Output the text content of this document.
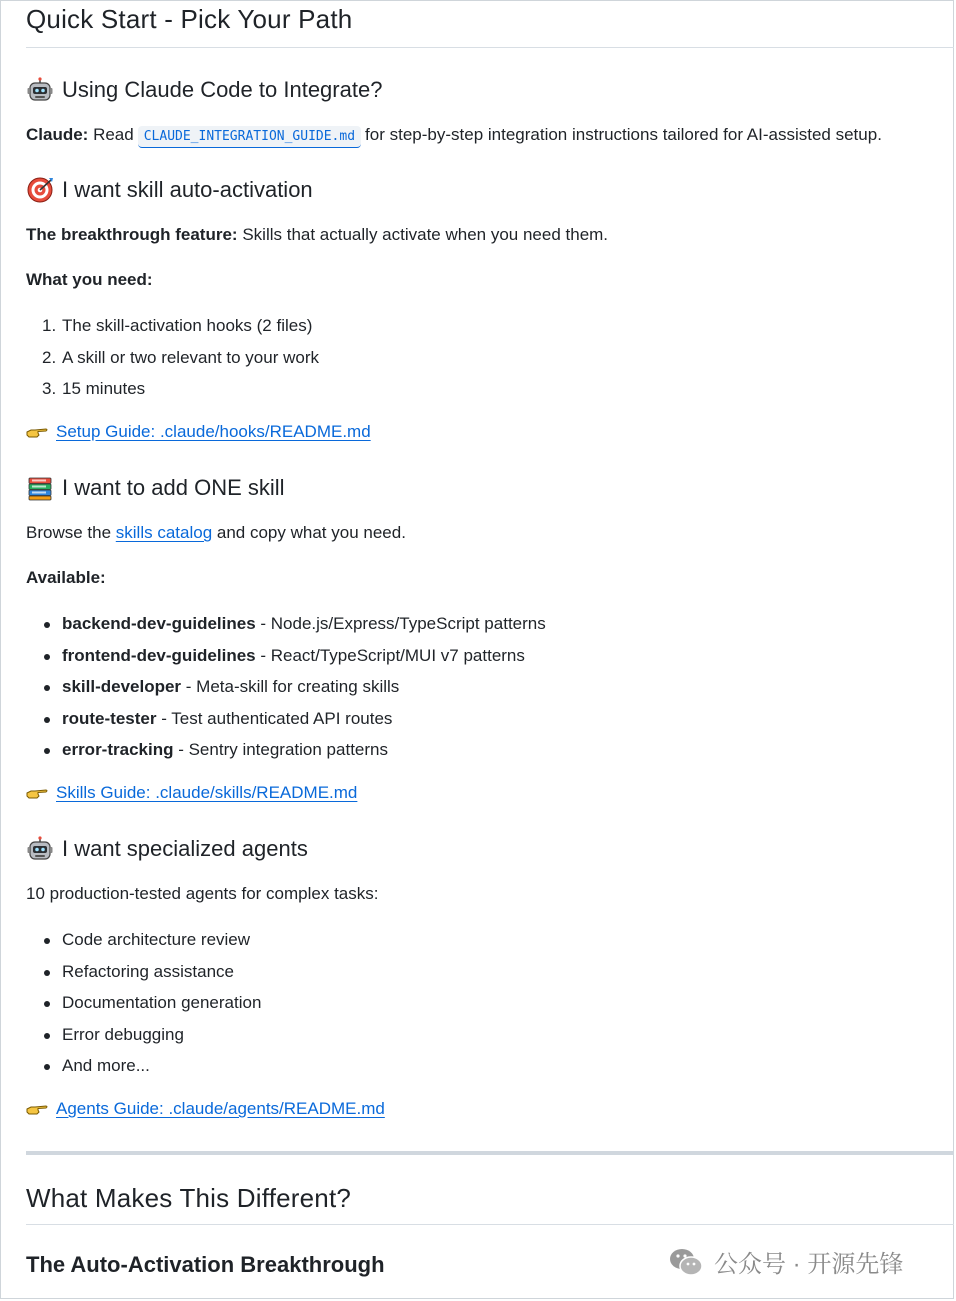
Quick Start - Pick Your Path
Using Claude Code to Integrate?

Claude: Read CLAUDE_INTEGRATION_GUIDE.md for step-by-step integration instructions tailored for AI-assisted setup.

I want skill auto-activation

The breakthrough feature: Skills that actually activate when you need them.

What you need:

1. The skill-activation hooks (2 files)
2. A skill or two relevant to your work
3. 15 minutes

Setup Guide: .claude/hooks/README.md

I want to add ONE skill

Browse the skills catalog and copy what you need.

Available:

backend-dev-guidelines - Node.js/Express/TypeScript patterns
frontend-dev-guidelines - React/TypeScript/MUI v7 patterns
skill-developer - Meta-skill for creating skills
route-tester - Test authenticated API routes
error-tracking - Sentry integration patterns

Skills Guide: .claude/skills/README.md

I want specialized agents

10 production-tested agents for complex tasks:

Code architecture review
Refactoring assistance
Documentation generation
Error debugging
And more...

Agents Guide: .claude/agents/README.md

What Makes This Different?
The Auto-Activation Breakthrough	公众号 · 开源先锋
